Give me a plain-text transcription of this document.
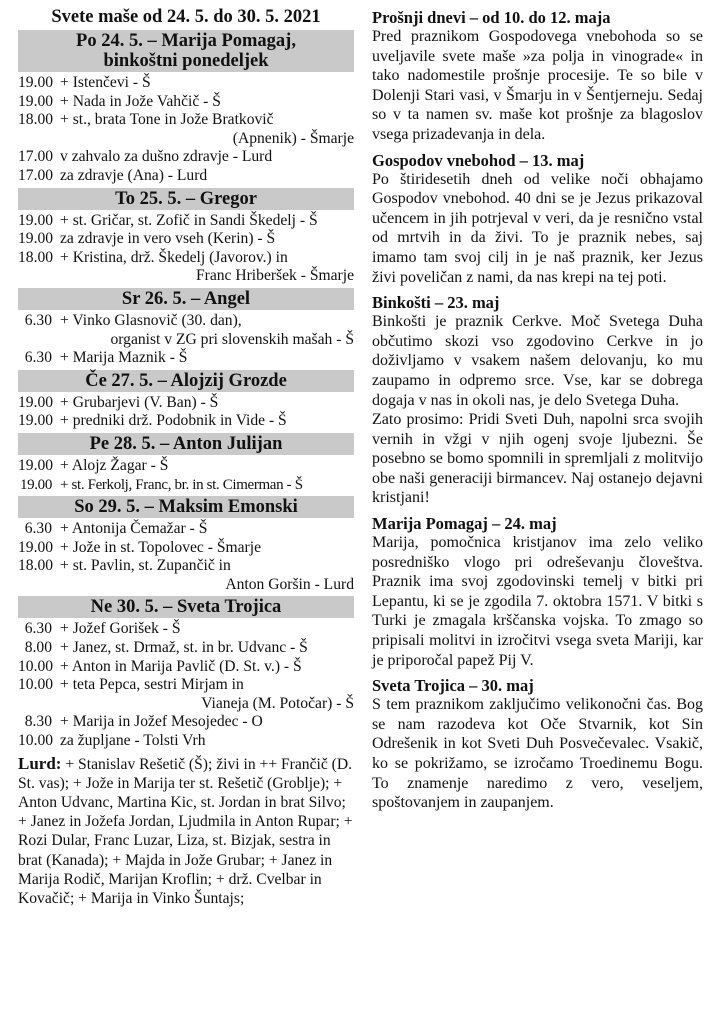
Svete maše od 24. 5. do 30. 5. 2021
Po 24. 5. – Marija Pomagaj,
binkoštni ponedeljek
19.00 + Istenčevi - Š
19.00 + Nada in Jože Vahčič - Š
18.00 + st., brata Tone in Jože Bratkovič
(Apnenik) - Šmarje
17.00 v zahvalo za dušno zdravje - Lurd
17.00 za zdravje (Ana) - Lurd
To 25. 5. – Gregor
19.00 + st. Gričar, st. Zofič in Sandi Škedelj - Š
19.00 za zdravje in vero vseh (Kerin) - Š
18.00 + Kristina, drž. Škedelj (Javorov.) in
Franc Hriberšek - Šmarje
Sr 26. 5. – Angel
6.30 + Vinko Glasnovič (30. dan),
organist v ZG pri slovenskih mašah - Š
6.30 + Marija Maznik - Š
Če 27. 5. – Alojzij Grozde
19.00 + Grubarjevi (V. Ban) - Š
19.00 + predniki drž. Podobnik in Vide - Š
Pe 28. 5. – Anton Julijan
19.00 + Alojz Žagar - Š
19.00 + st. Ferkolj, Franc, br. in st. Cimerman - Š
So 29. 5. – Maksim Emonski
6.30 + Antonija Čemažar - Š
19.00 + Jože in st. Topolovec - Šmarje
18.00 + st. Pavlin, st. Zupančič in
Anton Goršin - Lurd
Ne 30. 5. – Sveta Trojica
6.30 + Jožef Gorišek - Š
8.00 + Janez, st. Drmaž, st. in br. Udvanc - Š
10.00 + Anton in Marija Pavlič (D. St. v.) - Š
10.00 + teta Pepca, sestri Mirjam in
Vianeja (M. Potočar) - Š
8.30 + Marija in Jožef Mesojedec - O
10.00 za župljane - Tolsti Vrh
Lurd: + Stanislav Rešetič (Š); živi in ++ Frančič (D. St. vas); + Jože in Marija ter st. Rešetič (Groblje); + Anton Udvanc, Martina Kic, st. Jordan in brat Silvo; + Janez in Jožefa Jordan, Ljudmila in Anton Rupar; + Rozi Dular, Franc Luzar, Liza, st. Bizjak, sestra in brat (Kanada); + Majda in Jože Grubar; + Janez in Marija Rodič, Marijan Kroflin; + drž. Cvelbar in Kovačič; + Marija in Vinko Šuntajs;
Prošnji dnevi – od 10. do 12. maja
Pred praznikom Gospodovega vnebohoda so se uveljavile svete maše »za polja in vinograde« in tako nadomestile prošnje procesije. Te so bile v Dolenji Stari vasi, v Šmarju in v Šentjerneju. Sedaj so v ta namen sv. maše kot prošnje za blagoslov vsega prizadevanja in dela.
Gospodov vnebohod – 13. maj
Po štiridesetih dneh od velike noči obhajamo Gospodov vnebohod. 40 dni se je Jezus prikazoval učencem in jih potrjeval v veri, da je resnično vstal od mrtvih in da živi. To je praznik nebes, saj imamo tam svoj cilj in je naš praznik, ker Jezus živi poveličan z nami, da nas krepi na tej poti.
Binkošti – 23. maj
Binkošti je praznik Cerkve. Moč Svetega Duha občutimo skozi vso zgodovino Cerkve in jo doživljamo v vsakem našem delovanju, ko mu zaupamo in odpremo srce. Vse, kar se dobrega dogaja v nas in okoli nas, je delo Svetega Duha.
Zato prosimo: Pridi Sveti Duh, napolni srca svojih vernih in vžgi v njih ogenj svoje ljubezni. Še posebno se bomo spomnili in spremljali z molitvijo obe naši generaciji birmancev. Naj ostanejo dejavni kristjani!
Marija Pomagaj – 24. maj
Marija, pomočnica kristjanov ima zelo veliko posredniško vlogo pri odreševanju človeštva. Praznik ima svoj zgodovinski temelj v bitki pri Lepantu, ki se je zgodila 7. oktobra 1571. V bitki s Turki je zmagala krščanska vojska. To zmago so pripisali molitvi in izročitvi vsega sveta Mariji, kar je priporočal papež Pij V.
Sveta Trojica – 30. maj
S tem praznikom zaključimo velikonočni čas. Bog se nam razodeva kot Oče Stvarnik, kot Sin Odrešenik in kot Sveti Duh Posvečevalec. Vsakič, ko se pokrižamo, se izročamo Troedinemu Bogu. To znamenje naredimo z vero, veseljem, spoštovanjem in zaupanjem.
